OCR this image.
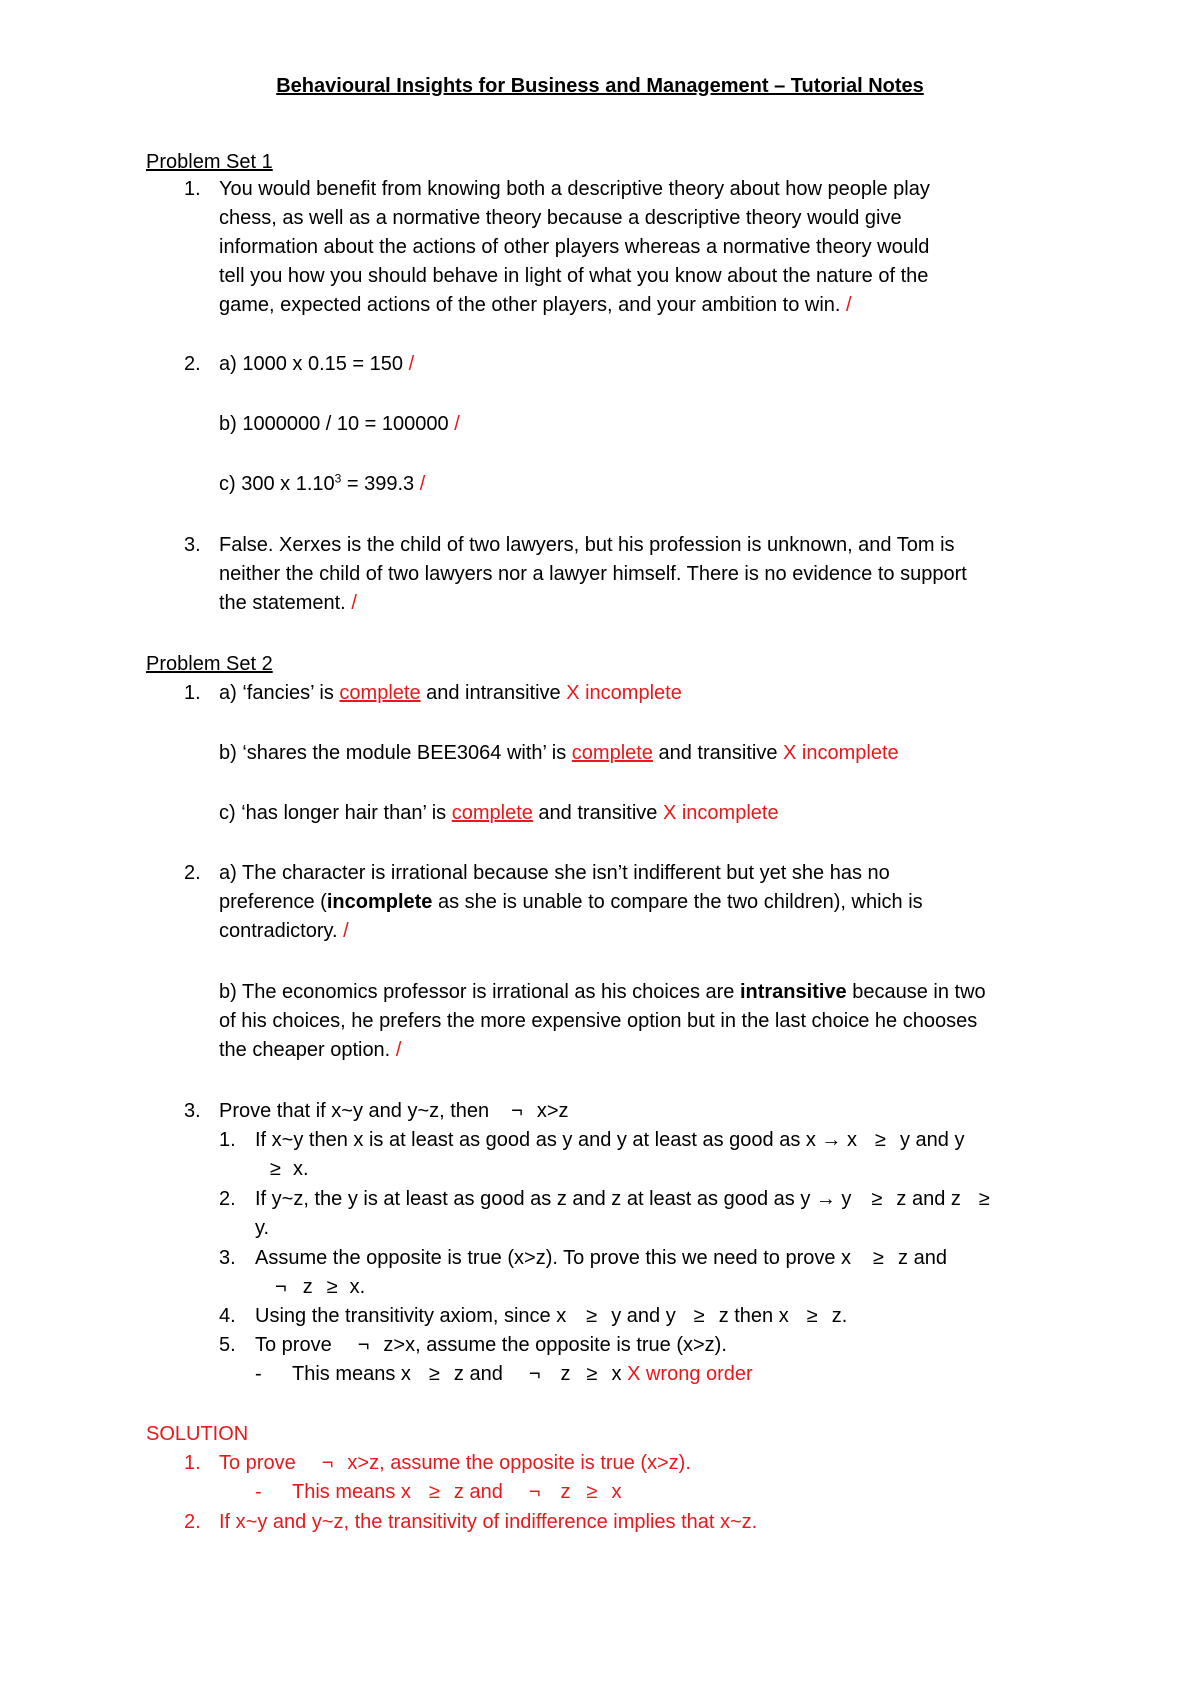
Behavioural Insights for Business and Management – Tutorial Notes
Problem Set 1
1. You would benefit from knowing both a descriptive theory about how people play
chess, as well as a normative theory because a descriptive theory would give
information about the actions of other players whereas a normative theory would
tell you how you should behave in light of what you know about the nature of the
game, expected actions of the other players, and your ambition to win. /
2. a) 1000 x 0.15 = 150 /
b) 1000000 / 10 = 100000 /
c) 300 x $1.10^3 = 399.3$ /
3. False. Xerxes is the child of two lawyers, but his profession is unknown, and Tom is
neither the child of two lawyers nor a lawyer himself. There is no evidence to support
the statement. /
Problem Set 2
1. a) ‘fancies’ is complete and intransitive X incomplete
b) ‘shares the module BEE3064 with’ is complete and transitive X incomplete
c) ‘has longer hair than’ is complete and transitive X incomplete
2. a) The character is irrational because she isn’t indifferent but yet she has no
preference (incomplete as she is unable to compare the two children), which is
contradictory. /
b) The economics professor is irrational as his choices are intransitive because in two
of his choices, he prefers the more expensive option but in the last choice he chooses
the cheaper option. /
3. Prove that if x~y and y~z, then ¬ x>z
1. If x~y then x is at least as good as y and y at least as good as x → x ≥ y and y
≥ x.
2. If y~z, the y is at least as good as z and z at least as good as y → y ≥ z and z ≥
y.
3. Assume the opposite is true (x>z). To prove this we need to prove x ≥ z and
¬ z ≥ x.
4. Using the transitivity axiom, since x ≥ y and y ≥ z then x ≥ z.
5. To prove ¬ z>x, assume the opposite is true (x>z).
- This means x ≥ z and ¬ z ≥ x X wrong order
SOLUTION
1. To prove ¬ x>z, assume the opposite is true (x>z).
- This means x ≥ z and ¬ z ≥ x
2. If x~y and y~z, the transitivity of indifference implies that x~z.
